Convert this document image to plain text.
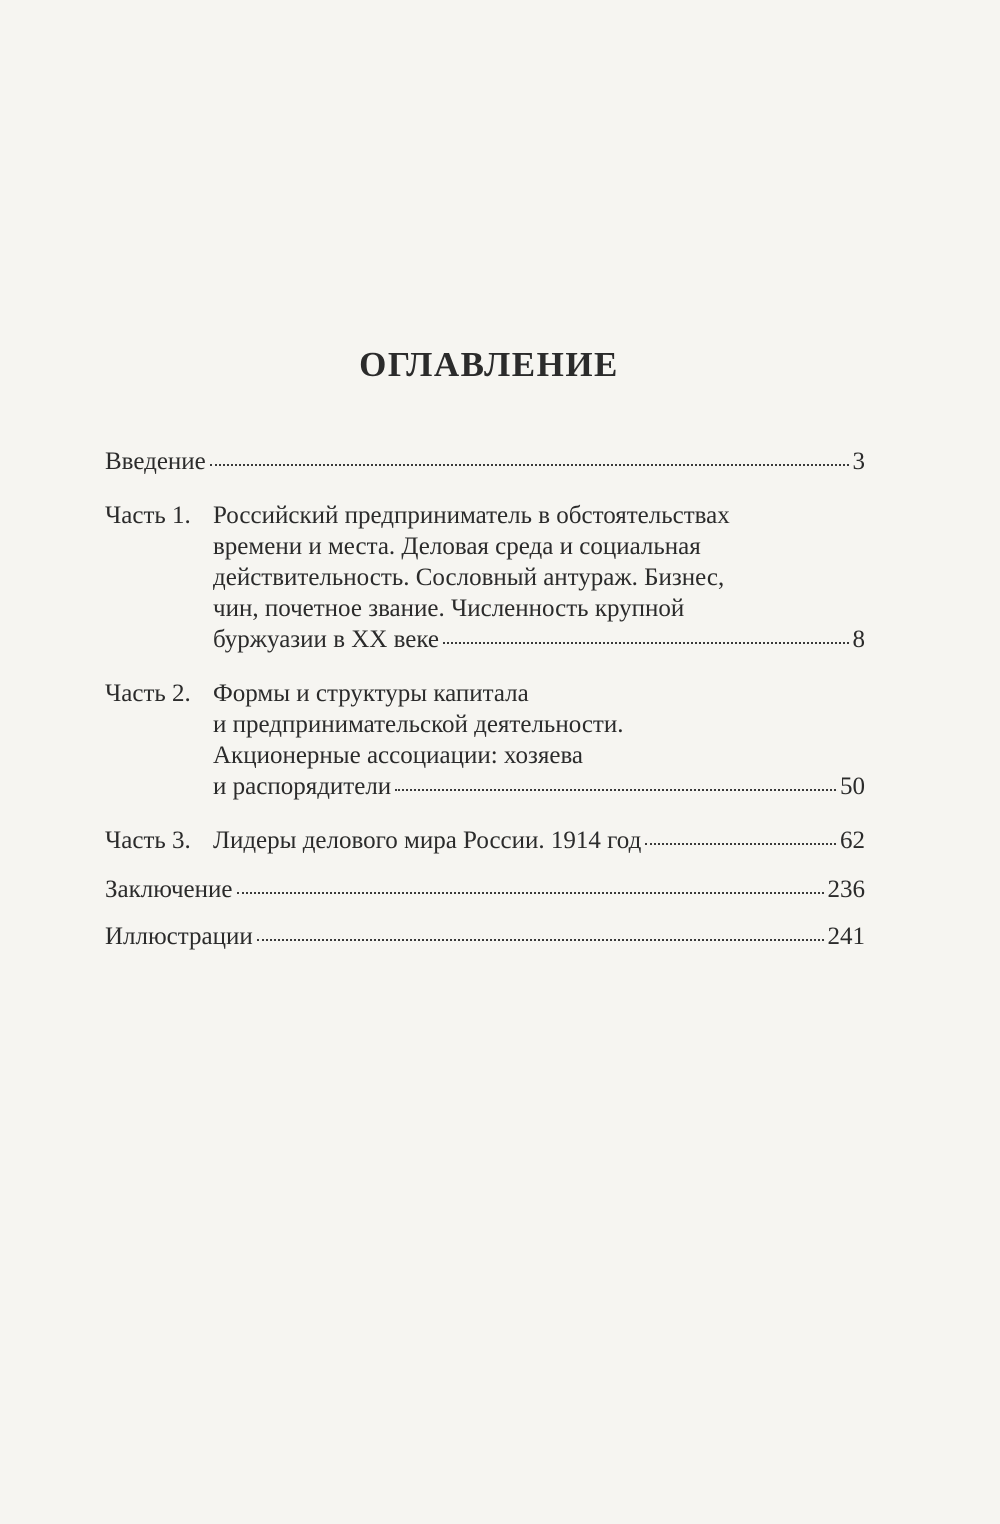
ОГЛАВЛЕНИЕ
Введение	3
Часть 1. Российский предприниматель в обстоятельствах
времени и места. Деловая среда и социальная
действительность. Сословный антураж. Бизнес,
чин, почетное звание. Численность крупной
буржуазии в XX веке	8
Часть 2. Формы и структуры капитала
и предпринимательской деятельности.
Акционерные ассоциации: хозяева
и распорядители	50
Часть 3. Лидеры делового мира России. 1914 год	62
Заключение	236
Иллюстрации	241
